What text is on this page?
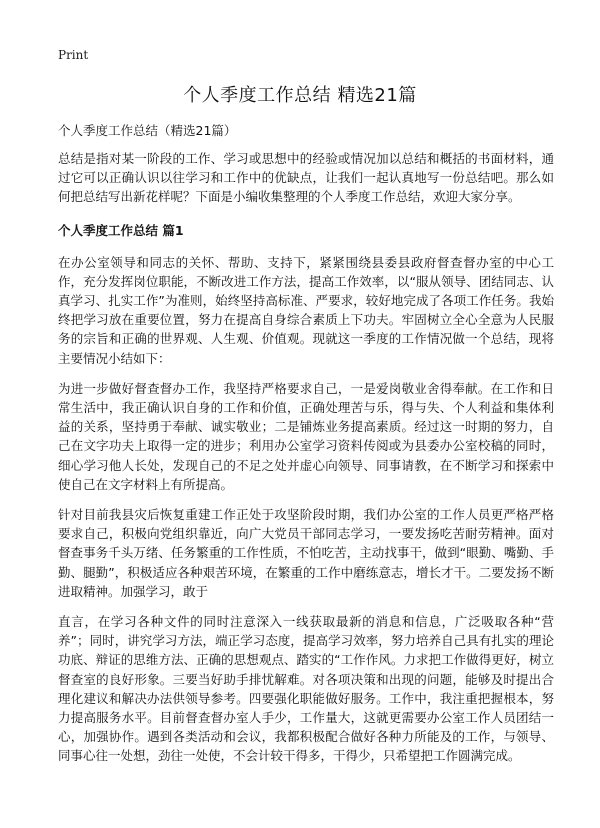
Print
个人季度工作总结 精选21篇
个人季度工作总结（精选21篇）

总结是指对某一阶段的工作、学习或思想中的经验或情况加以总结和概括的书面材料，通过它可以正确认识以往学习和工作中的优缺点，让我们一起认真地写一份总结吧。那么如何把总结写出新花样呢？下面是小编收集整理的个人季度工作总结，欢迎大家分享。

个人季度工作总结 篇1

在办公室领导和同志的关怀、帮助、支持下，紧紧围绕县委县政府督查督办室的中心工作，充分发挥岗位职能，不断改进工作方法，提高工作效率，以“服从领导、团结同志、认真学习、扎实工作”为准则，始终坚持高标准、严要求，较好地完成了各项工作任务。我始终把学习放在重要位置，努力在提高自身综合素质上下功夫。牢固树立全心全意为人民服务的宗旨和正确的世界观、人生观、价值观。现就这一季度的工作情况做一个总结，现将主要情况小结如下：

为进一步做好督查督办工作，我坚持严格要求自己，一是爱岗敬业舍得奉献。在工作和日常生活中，我正确认识自身的工作和价值，正确处理苦与乐，得与失、个人利益和集体利益的关系，坚持勇于奉献、诚实敬业；二是铺炼业务提高素质。经过这一时期的努力，自己在文字功夫上取得一定的进步；利用办公室学习资料传阅或为县委办公室校稿的同时，细心学习他人长处，发现自己的不足之处并虚心向领导、同事请教，在不断学习和探索中使自己在文字材料上有所提高。

针对目前我县灾后恢复重建工作正处于攻坚阶段时期，我们办公室的工作人员更严格严格要求自己，积极向党组织靠近，向广大党员干部同志学习，一要发扬吃苦耐劳精神。面对督查事务千头万绪、任务繁重的工作性质，不怕吃苦，主动找事干，做到“眼勤、嘴勤、手勤、腿勤”，积极适应各种艰苦环境，在繁重的工作中磨练意志，增长才干。二要发扬不断进取精神。加强学习，敢于

直言，在学习各种文件的同时注意深入一线获取最新的消息和信息，广泛吸取各种“营养”；同时，讲究学习方法，端正学习态度，提高学习效率，努力培养自己具有扎实的理论功底、辩证的思维方法、正确的思想观点、踏实的“工作作风。力求把工作做得更好，树立督查室的良好形象。三要当好助手排忧解难。对各项决策和出现的问题，能够及时提出合理化建议和解决办法供领导参考。四要强化职能做好服务。工作中，我注重把握根本，努力提高服务水平。目前督查督办室人手少，工作量大，这就更需要办公室工作人员团结一心，加强协作。遇到各类活动和会议，我都积极配合做好各种力所能及的工作，与领导、同事心往一处想，劲往一处使，不会计较干得多，干得少，只希望把工作圆满完成。
